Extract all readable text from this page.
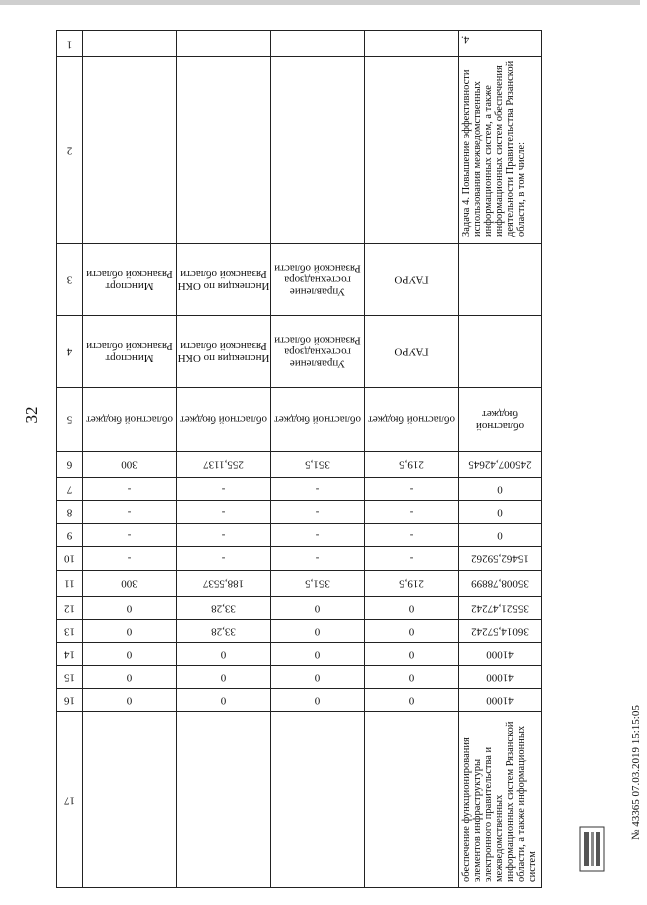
32
№ 43365 07.03.2019 15:15:05
1					4.

2					Задача 4. Повышение эффективности использования межведомственных информационных систем, а также информационных систем обеспечения деятельности Правительства Рязанской области, в том числе:

3	Минспорт Рязанской области	Инспекция по ОКН Рязанской области	Управление гостехнадзора Рязанской области	ГАУРО	

4	Минспорт Рязанской области	Инспекция по ОКН Рязанской области	Управление гостехнадзора Рязанской области	ГАУРО	

5	областной бюджет	областной бюджет	областной бюджет	областной бюджет	областной бюджет

6	300	255,1137	351,5	219,5	245007,42645

7	-	-	-	-	0

8	-	-	-	-	0

9	-	-	-	-	0

10	-	-	-	-	15462,59262

11	300	188,5537	351,5	219,5	35008,78899

12	0	33,28	0	0	35521,47242

13	0	33,28	0	0	36014,57242

14	0	0	0	0	41000

15	0	0	0	0	41000

16	0	0	0	0	41000

17					обеспечение функционирования элементов инфраструктуры электронного правительства и межведомственных информационных систем Рязанской области, а также информационных систем
